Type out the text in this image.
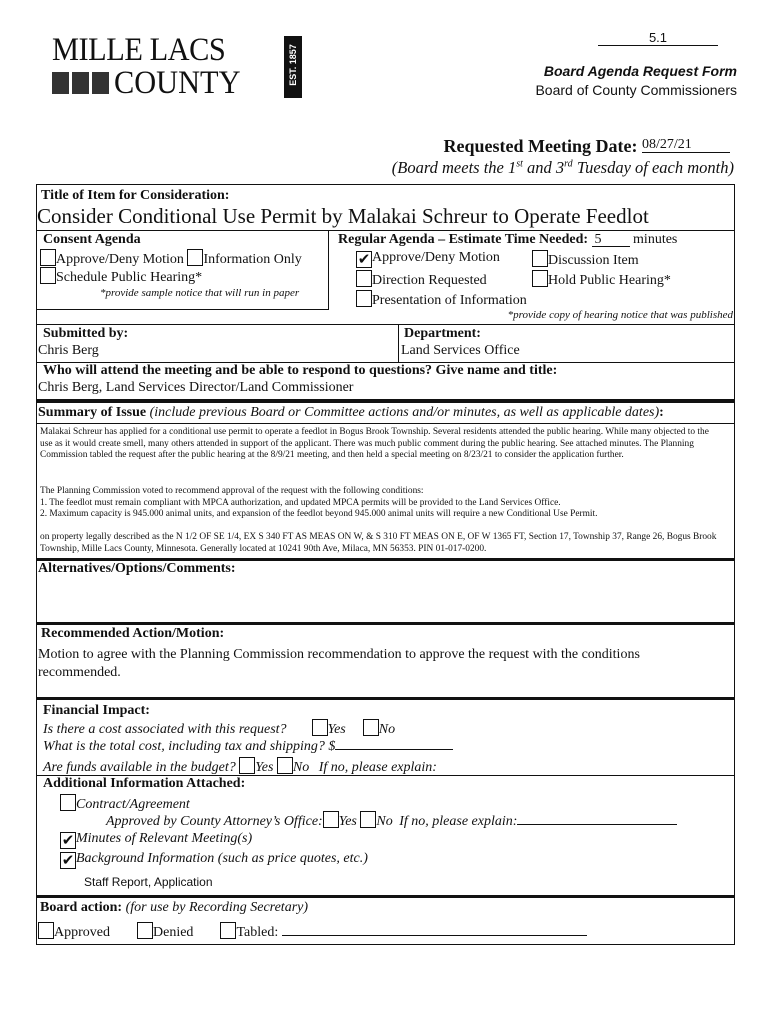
5.1
MILLE LACS
COUNTY	EST. 1857	Board Agenda Request Form
Board of County Commissioners
Requested Meeting Date: 08/27/21
(Board meets the 1st and 3rd Tuesday of each month)
Title of Item for Consideration:
Consider Conditional Use Permit by Malakai Schreur to Operate Feedlot
Consent Agenda
Approve/Deny Motion Information Only
Schedule Public Hearing*
*provide sample notice that will run in paper
Regular Agenda – Estimate Time Needed: 5 minutes
✔ Approve/Deny Motion	Discussion Item
Direction Requested	Hold Public Hearing*
Presentation of Information
*provide copy of hearing notice that was published
Submitted by:
Chris Berg
Department:
Land Services Office
Who will attend the meeting and be able to respond to questions? Give name and title:
Chris Berg, Land Services Director/Land Commissioner
Summary of Issue (include previous Board or Committee actions and/or minutes, as well as applicable dates):
Malakai Schreur has applied for a conditional use permit to operate a feedlot in Bogus Brook Township. Several residents attended the public hearing. While many objected to the use as it would create smell, many others attended in support of the applicant. There was much public comment during the public hearing. See attached minutes. The Planning Commission tabled the request after the public hearing at the 8/9/21 meeting, and then held a special meeting on 8/23/21 to consider the application further.
The Planning Commission voted to recommend approval of the request with the following conditions:
1. The feedlot must remain compliant with MPCA authorization, and updated MPCA permits will be provided to the Land Services Office.
2. Maximum capacity is 945.000 animal units, and expansion of the feedlot beyond 945.000 animal units will require a new Conditional Use Permit.
on property legally described as the N 1/2 OF SE 1/4, EX S 340 FT AS MEAS ON W, & S 310 FT MEAS ON E, OF W 1365 FT, Section 17, Township 37, Range 26, Bogus Brook Township, Mille Lacs County, Minnesota. Generally located at 10241 90th Ave, Milaca, MN 56353. PIN 01-017-0200.
Alternatives/Options/Comments:
Recommended Action/Motion:
Motion to agree with the Planning Commission recommendation to approve the request with the conditions recommended.
Financial Impact:
Is there a cost associated with this request?	Yes No
What is the total cost, including tax and shipping? $
Are funds available in the budget? Yes No If no, please explain:
Additional Information Attached:
Contract/Agreement
Approved by County Attorney’s Office: Yes No If no, please explain:
✔ Minutes of Relevant Meeting(s)
✔ Background Information (such as price quotes, etc.)
Staff Report, Application
Board action: (for use by Recording Secretary)
Approved	Denied	Tabled:
